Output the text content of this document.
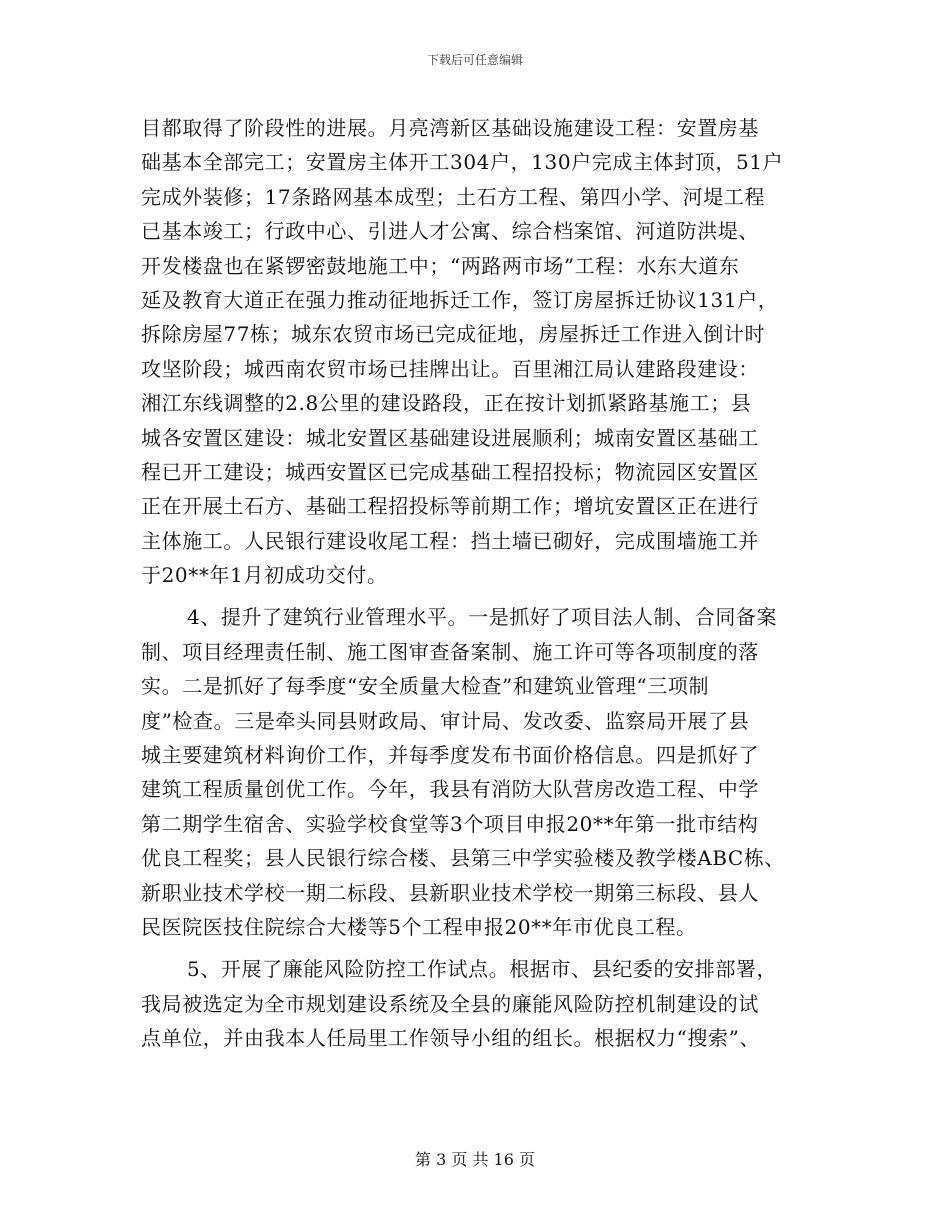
下载后可任意编辑
目都取得了阶段性的进展。月亮湾新区基础设施建设工程：安置房基
础基本全部完工；安置房主体开工304户，130户完成主体封顶，51户
完成外装修；17条路网基本成型；土石方工程、第四小学、河堤工程
已基本竣工；行政中心、引进人才公寓、综合档案馆、河道防洪堤、
开发楼盘也在紧锣密鼓地施工中；“两路两市场”工程：水东大道东
延及教育大道正在强力推动征地拆迁工作，签订房屋拆迁协议131户，
拆除房屋77栋；城东农贸市场已完成征地，房屋拆迁工作进入倒计时
攻坚阶段；城西南农贸市场已挂牌出让。百里湘江局认建路段建设：
湘江东线调整的2.8公里的建设路段，正在按计划抓紧路基施工；县
城各安置区建设：城北安置区基础建设进展顺利；城南安置区基础工
程已开工建设；城西安置区已完成基础工程招投标；物流园区安置区
正在开展土石方、基础工程招投标等前期工作；增坑安置区正在进行
主体施工。人民银行建设收尾工程：挡土墙已砌好，完成围墙施工并
于20**年1月初成功交付。
4、提升了建筑行业管理水平。一是抓好了项目法人制、合同备案
制、项目经理责任制、施工图审查备案制、施工许可等各项制度的落
实。二是抓好了每季度“安全质量大检查”和建筑业管理“三项制
度”检查。三是牵头同县财政局、审计局、发改委、监察局开展了县
城主要建筑材料询价工作，并每季度发布书面价格信息。四是抓好了
建筑工程质量创优工作。今年，我县有消防大队营房改造工程、中学
第二期学生宿舍、实验学校食堂等3个项目申报20**年第一批市结构
优良工程奖；县人民银行综合楼、县第三中学实验楼及教学楼ABC栋、
新职业技术学校一期二标段、县新职业技术学校一期第三标段、县人
民医院医技住院综合大楼等5个工程申报20**年市优良工程。
5、开展了廉能风险防控工作试点。根据市、县纪委的安排部署，
我局被选定为全市规划建设系统及全县的廉能风险防控机制建设的试
点单位，并由我本人任局里工作领导小组的组长。根据权力“搜索”、
第 3 页 共 16 页
